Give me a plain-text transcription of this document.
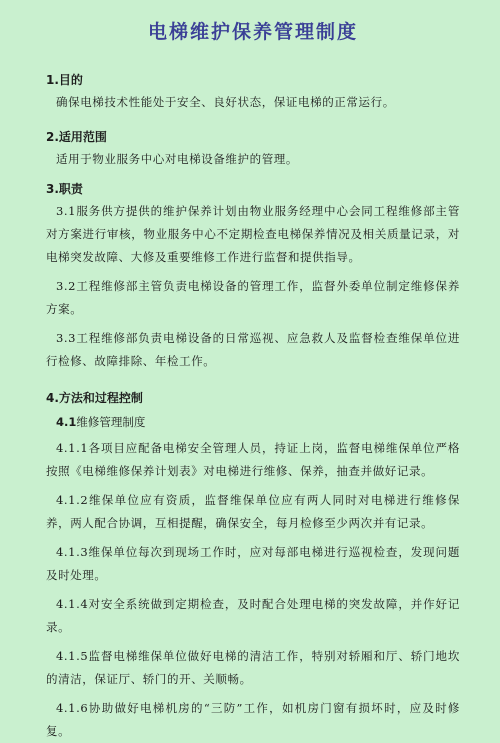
电梯维护保养管理制度

1.目的

确保电梯技术性能处于安全、良好状态，保证电梯的正常运行。

2.适用范围

适用于物业服务中心对电梯设备维护的管理。

3.职责

3.1服务供方提供的维护保养计划由物业服务经理中心会同工程维修部主管对方案进行审核，物业服务中心不定期检查电梯保养情况及相关质量记录，对电梯突发故障、大修及重要维修工作进行监督和提供指导。

3.2工程维修部主管负责电梯设备的管理工作，监督外委单位制定维修保养方案。

3.3工程维修部负责电梯设备的日常巡视、应急救人及监督检查维保单位进行检修、故障排除、年检工作。

4.方法和过程控制

4.1维修管理制度

4.1.1各项目应配备电梯安全管理人员，持证上岗，监督电梯维保单位严格按照《电梯维修保养计划表》对电梯进行维修、保养，抽查并做好记录。

4.1.2维保单位应有资质，监督维保单位应有两人同时对电梯进行维修保养，两人配合协调，互相提醒，确保安全，每月检修至少两次并有记录。

4.1.3维保单位每次到现场工作时，应对每部电梯进行巡视检查，发现问题及时处理。

4.1.4对安全系统做到定期检查，及时配合处理电梯的突发故障，并作好记录。

4.1.5监督电梯维保单位做好电梯的清洁工作，特别对轿厢和厅、轿门地坎的清洁，保证厅、轿门的开、关顺畅。

4.1.6协助做好电梯机房的“三防”工作，如机房门窗有损坏时，应及时修复。
